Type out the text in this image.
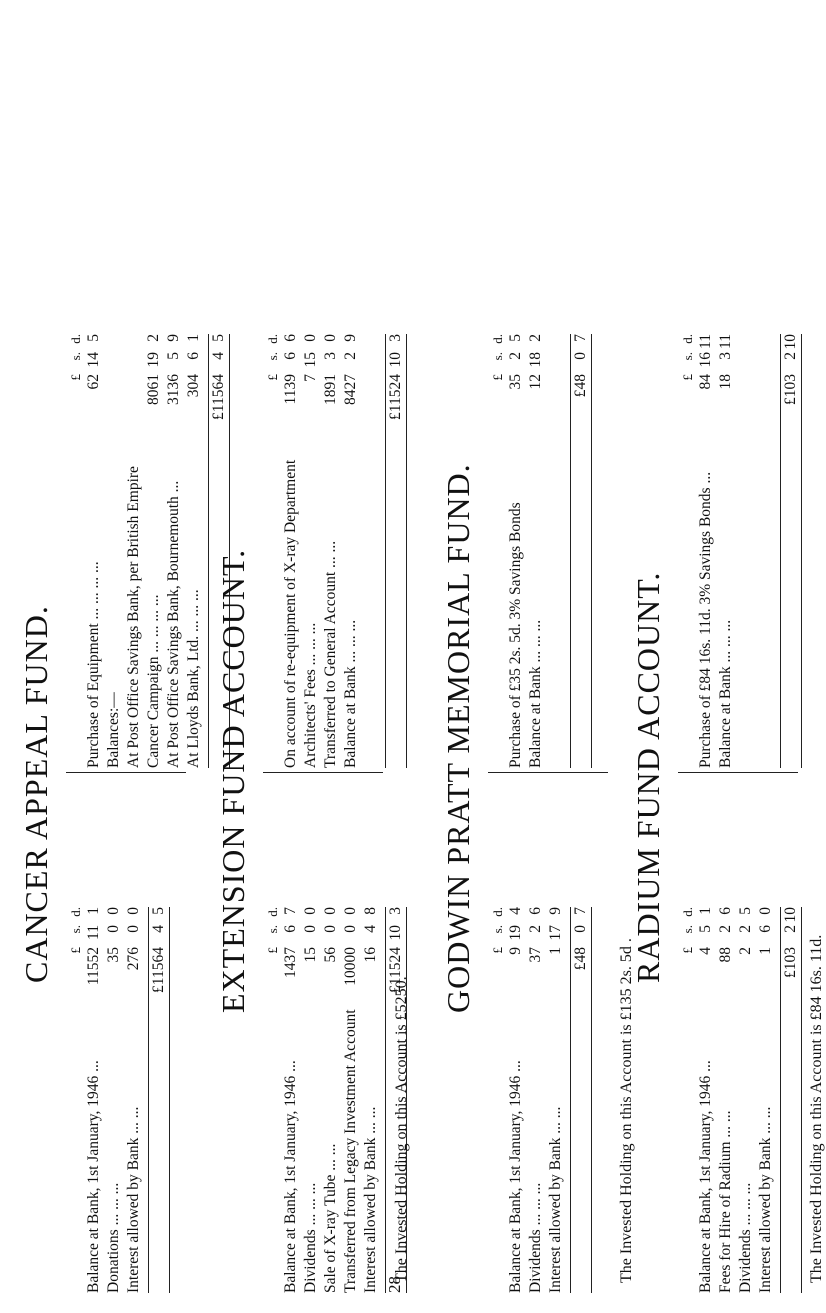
CANCER APPEAL FUND. £
s.
d.
Balance at Bank, 1st January, 1946 ...
11552
11
1
Donations ... ... ...
35
0
0
Interest allowed by Bank ... ...
276
0
0
£11564
4
5
£
s.
d.
Purchase of Equipment ... ... ... ...
62
14
5
Balances:— At Post Office Savings Bank, per British Empire Cancer Campaign ... ... ... ...
8061
19
2
At Post Office Savings Bank, Bournemouth ...
3136
5
9
At Lloyds Bank, Ltd. ... ... ...
304
6
1
£11564
4
5
EXTENSION FUND ACCOUNT. £
s.
d.
Balance at Bank, 1st January, 1946 ...
1437
6
7
Dividends ... ... ...
15
0
0
Sale of X-ray Tube ... ...
56
0
0
Transferred from Legacy Investment Account
10000
0
0
Interest allowed by Bank ... ...
16
4
8
£11524
10
3
£
s.
d.
On account of re-equipment of X-ray Department
1139
6
6
Architects' Fees ... ... ...
7
15
0
Transferred to General Account ... ...
1891
3
0
Balance at Bank ... ... ...
8427
2
9
£11524
10
3
The Invested Holding on this Account is £5250.
GODWIN PRATT MEMORIAL FUND. £
s.
d.
Balance at Bank, 1st January, 1946 ...
9
19
4
Dividends ... ... ...
37
2
6
Interest allowed by Bank ... ...
1
17
9
£48
0
7
£
s.
d.
Purchase of £35 2s. 5d. 3% Savings Bonds
35
2
5
Balance at Bank ... ... ...
12
18
2
£48
0
7
The Invested Holding on this Account is £135 2s. 5d .
RADIUM FUND ACCOUNT. £
s.
d.
Balance at Bank, 1st January, 1946 ...
4
5
1
Fees for Hire of Radium ... ...
88
2
6
Dividends ... ... ...
2
2
5
Interest allowed by Bank ... ...
1
6
0
£103
2
10
£
s.
d.
Purchase of £84 16s. 11d. 3% Savings Bonds ...
84
16
11
Balance at Bank ... ... ...
18
3
11
£103
2
10
The Invested Holding on this Account is £84 16s. 11d.
28
